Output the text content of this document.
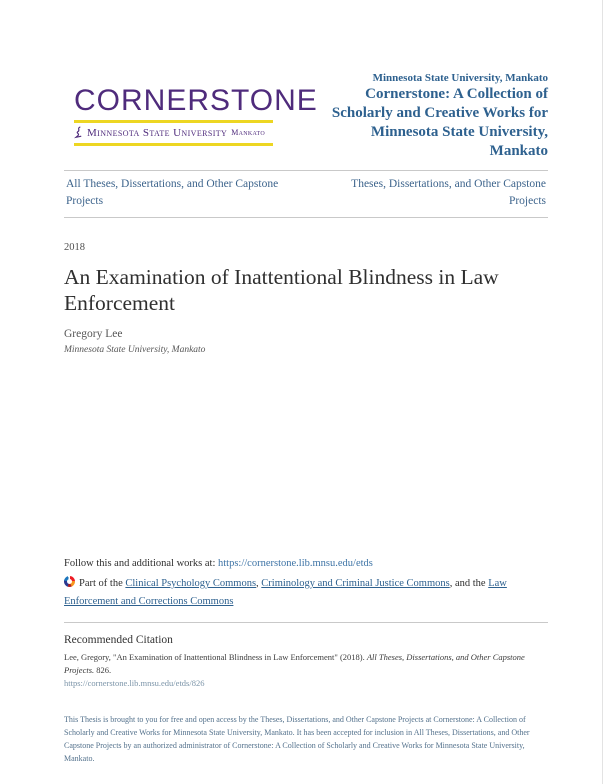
CORNERSTONE
Minnesota State University Mankato
Minnesota State University, Mankato
Cornerstone: A Collection of
Scholarly and Creative Works for
Minnesota State University,
Mankato
All Theses, Dissertations, and Other Capstone Projects
Theses, Dissertations, and Other Capstone Projects
2018
An Examination of Inattentional Blindness in Law Enforcement
Gregory Lee
Minnesota State University, Mankato
Follow this and additional works at: https://cornerstone.lib.mnsu.edu/etds
Part of the Clinical Psychology Commons, Criminology and Criminal Justice Commons, and the Law Enforcement and Corrections Commons
Recommended Citation
Lee, Gregory, "An Examination of Inattentional Blindness in Law Enforcement" (2018). All Theses, Dissertations, and Other Capstone Projects. 826.
https://cornerstone.lib.mnsu.edu/etds/826
This Thesis is brought to you for free and open access by the Theses, Dissertations, and Other Capstone Projects at Cornerstone: A Collection of Scholarly and Creative Works for Minnesota State University, Mankato. It has been accepted for inclusion in All Theses, Dissertations, and Other Capstone Projects by an authorized administrator of Cornerstone: A Collection of Scholarly and Creative Works for Minnesota State University, Mankato.
